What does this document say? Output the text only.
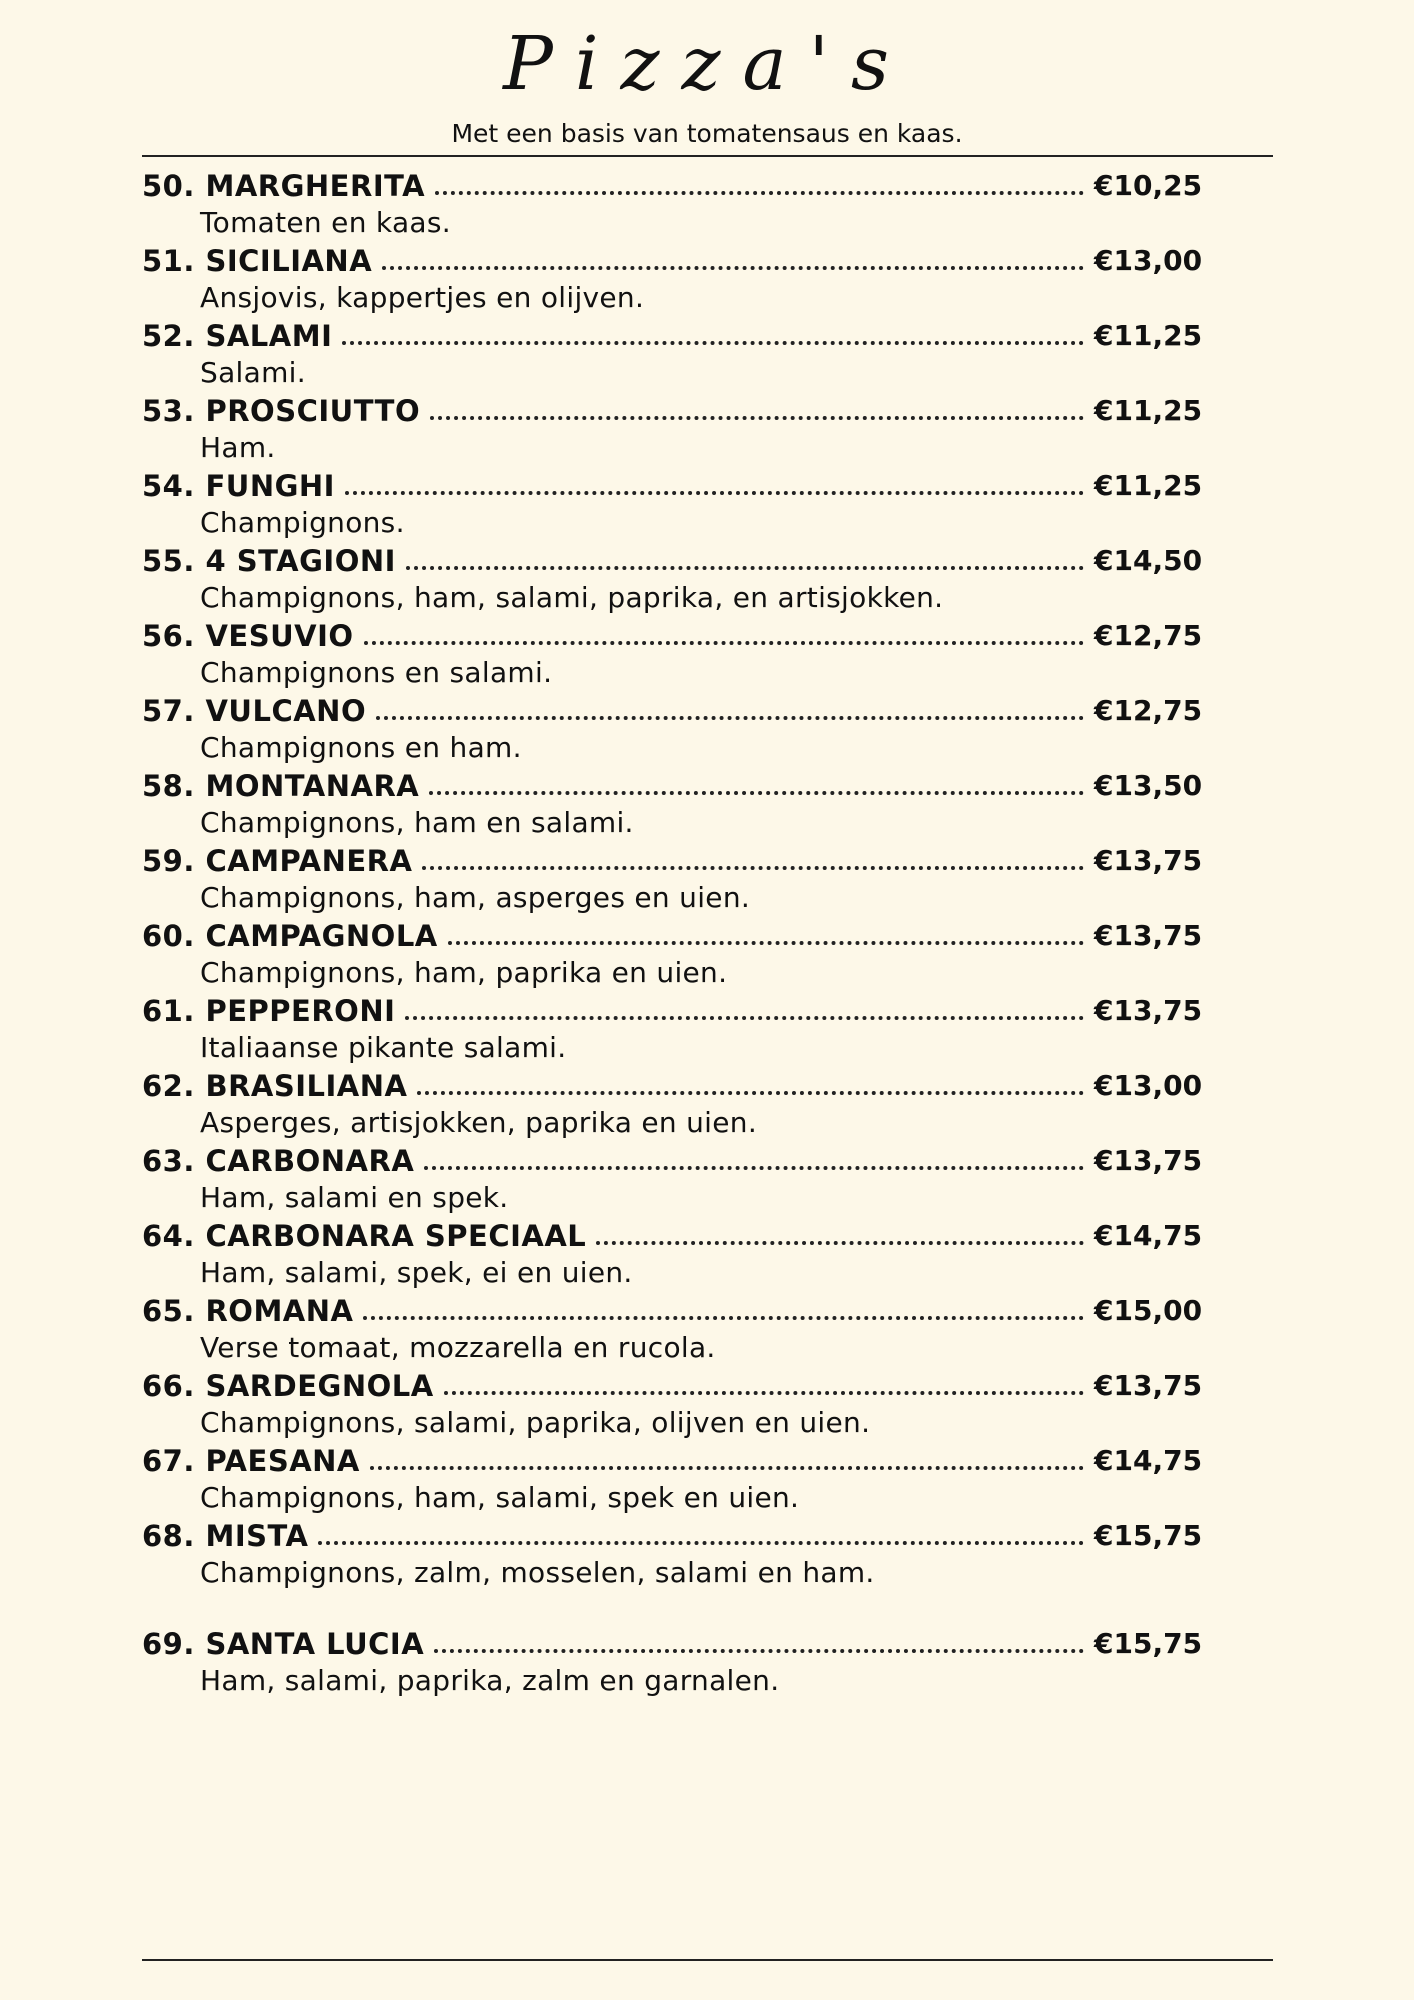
Pizza's
Met een basis van tomatensaus en kaas.
50. MARGHERITA	€10,25
Tomaten en kaas.
51. SICILIANA	€13,00
Ansjovis, kappertjes en olijven.
52. SALAMI	€11,25
Salami.
53. PROSCIUTTO	€11,25
Ham.
54. FUNGHI	€11,25
Champignons.
55. 4 STAGIONI	€14,50
Champignons, ham, salami, paprika, en artisjokken.
56. VESUVIO	€12,75
Champignons en salami.
57. VULCANO	€12,75
Champignons en ham.
58. MONTANARA	€13,50
Champignons, ham en salami.
59. CAMPANERA	€13,75
Champignons, ham, asperges en uien.
60. CAMPAGNOLA	€13,75
Champignons, ham, paprika en uien.
61. PEPPERONI	€13,75
Italiaanse pikante salami.
62. BRASILIANA	€13,00
Asperges, artisjokken, paprika en uien.
63. CARBONARA	€13,75
Ham, salami en spek.
64. CARBONARA SPECIAAL	€14,75
Ham, salami, spek, ei en uien.
65. ROMANA	€15,00
Verse tomaat, mozzarella en rucola.
66. SARDEGNOLA	€13,75
Champignons, salami, paprika, olijven en uien.
67. PAESANA	€14,75
Champignons, ham, salami, spek en uien.
68. MISTA	€15,75
Champignons, zalm, mosselen, salami en ham.
69. SANTA LUCIA	€15,75
Ham, salami, paprika, zalm en garnalen.
